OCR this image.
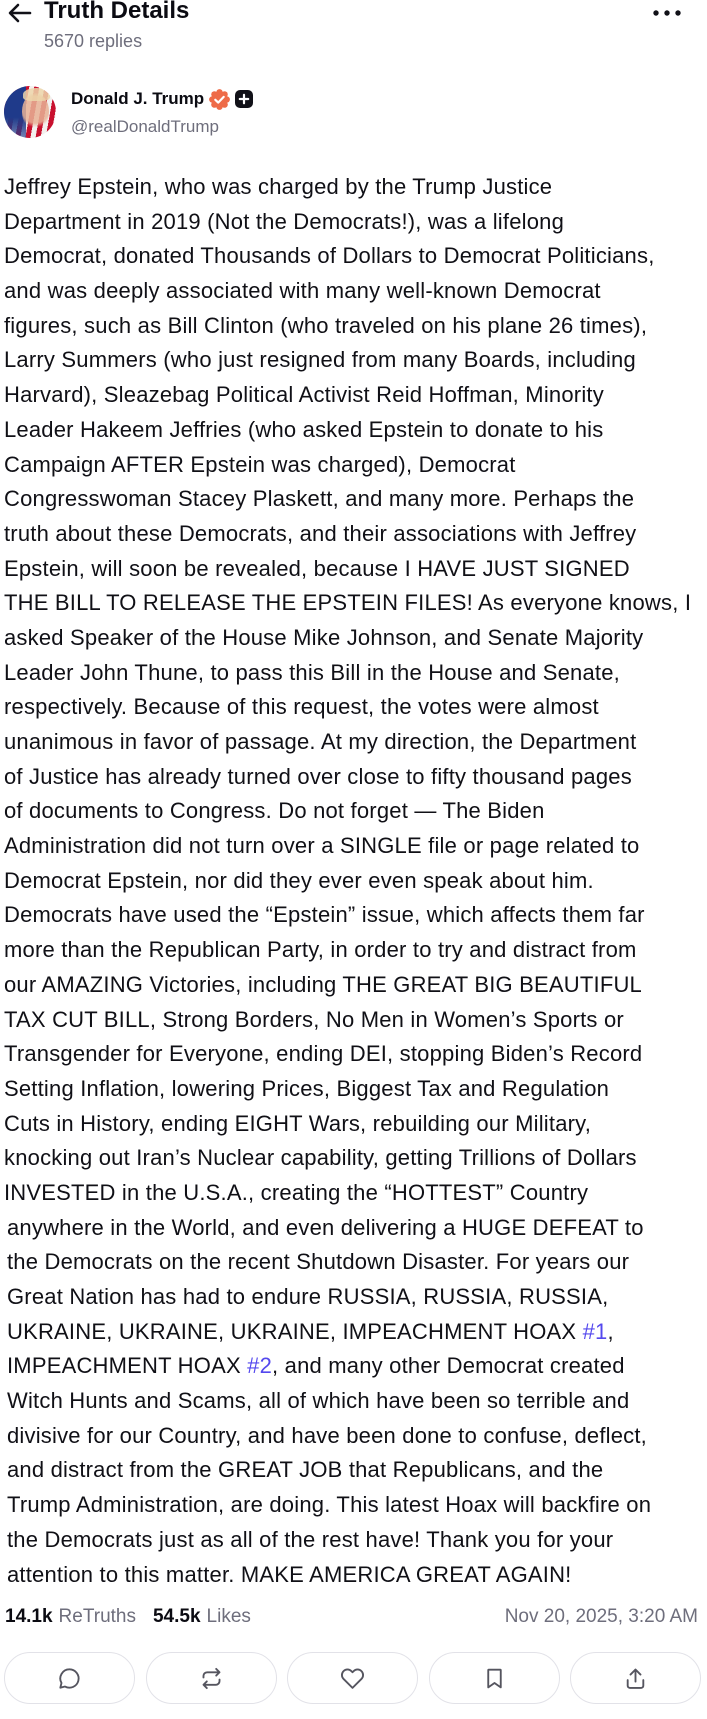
Truth Details
5670 replies
Donald J. Trump
@realDonaldTrump
Jeffrey Epstein, who was charged by the Trump Justice
Department in 2019 (Not the Democrats!), was a lifelong
Democrat, donated Thousands of Dollars to Democrat Politicians,
and was deeply associated with many well-known Democrat
figures, such as Bill Clinton (who traveled on his plane 26 times),
Larry Summers (who just resigned from many Boards, including
Harvard), Sleazebag Political Activist Reid Hoffman, Minority
Leader Hakeem Jeffries (who asked Epstein to donate to his
Campaign AFTER Epstein was charged), Democrat
Congresswoman Stacey Plaskett, and many more. Perhaps the
truth about these Democrats, and their associations with Jeffrey
Epstein, will soon be revealed, because I HAVE JUST SIGNED
THE BILL TO RELEASE THE EPSTEIN FILES! As everyone knows, I
asked Speaker of the House Mike Johnson, and Senate Majority
Leader John Thune, to pass this Bill in the House and Senate,
respectively. Because of this request, the votes were almost
unanimous in favor of passage. At my direction, the Department
of Justice has already turned over close to fifty thousand pages
of documents to Congress. Do not forget — The Biden
Administration did not turn over a SINGLE file or page related to
Democrat Epstein, nor did they ever even speak about him.
Democrats have used the “Epstein” issue, which affects them far
more than the Republican Party, in order to try and distract from
our AMAZING Victories, including THE GREAT BIG BEAUTIFUL
TAX CUT BILL, Strong Borders, No Men in Women’s Sports or
Transgender for Everyone, ending DEI, stopping Biden’s Record
Setting Inflation, lowering Prices, Biggest Tax and Regulation
Cuts in History, ending EIGHT Wars, rebuilding our Military,
knocking out Iran’s Nuclear capability, getting Trillions of Dollars
INVESTED in the U.S.A., creating the “HOTTEST” Country
anywhere in the World, and even delivering a HUGE DEFEAT to
the Democrats on the recent Shutdown Disaster. For years our
Great Nation has had to endure RUSSIA, RUSSIA, RUSSIA,
UKRAINE, UKRAINE, UKRAINE, IMPEACHMENT HOAX #1,
IMPEACHMENT HOAX #2, and many other Democrat created
Witch Hunts and Scams, all of which have been so terrible and
divisive for our Country, and have been done to confuse, deflect,
and distract from the GREAT JOB that Republicans, and the
Trump Administration, are doing. This latest Hoax will backfire on
the Democrats just as all of the rest have! Thank you for your
attention to this matter. MAKE AMERICA GREAT AGAIN!
14.1k ReTruths 54.5k Likes	Nov 20, 2025, 3:20 AM
